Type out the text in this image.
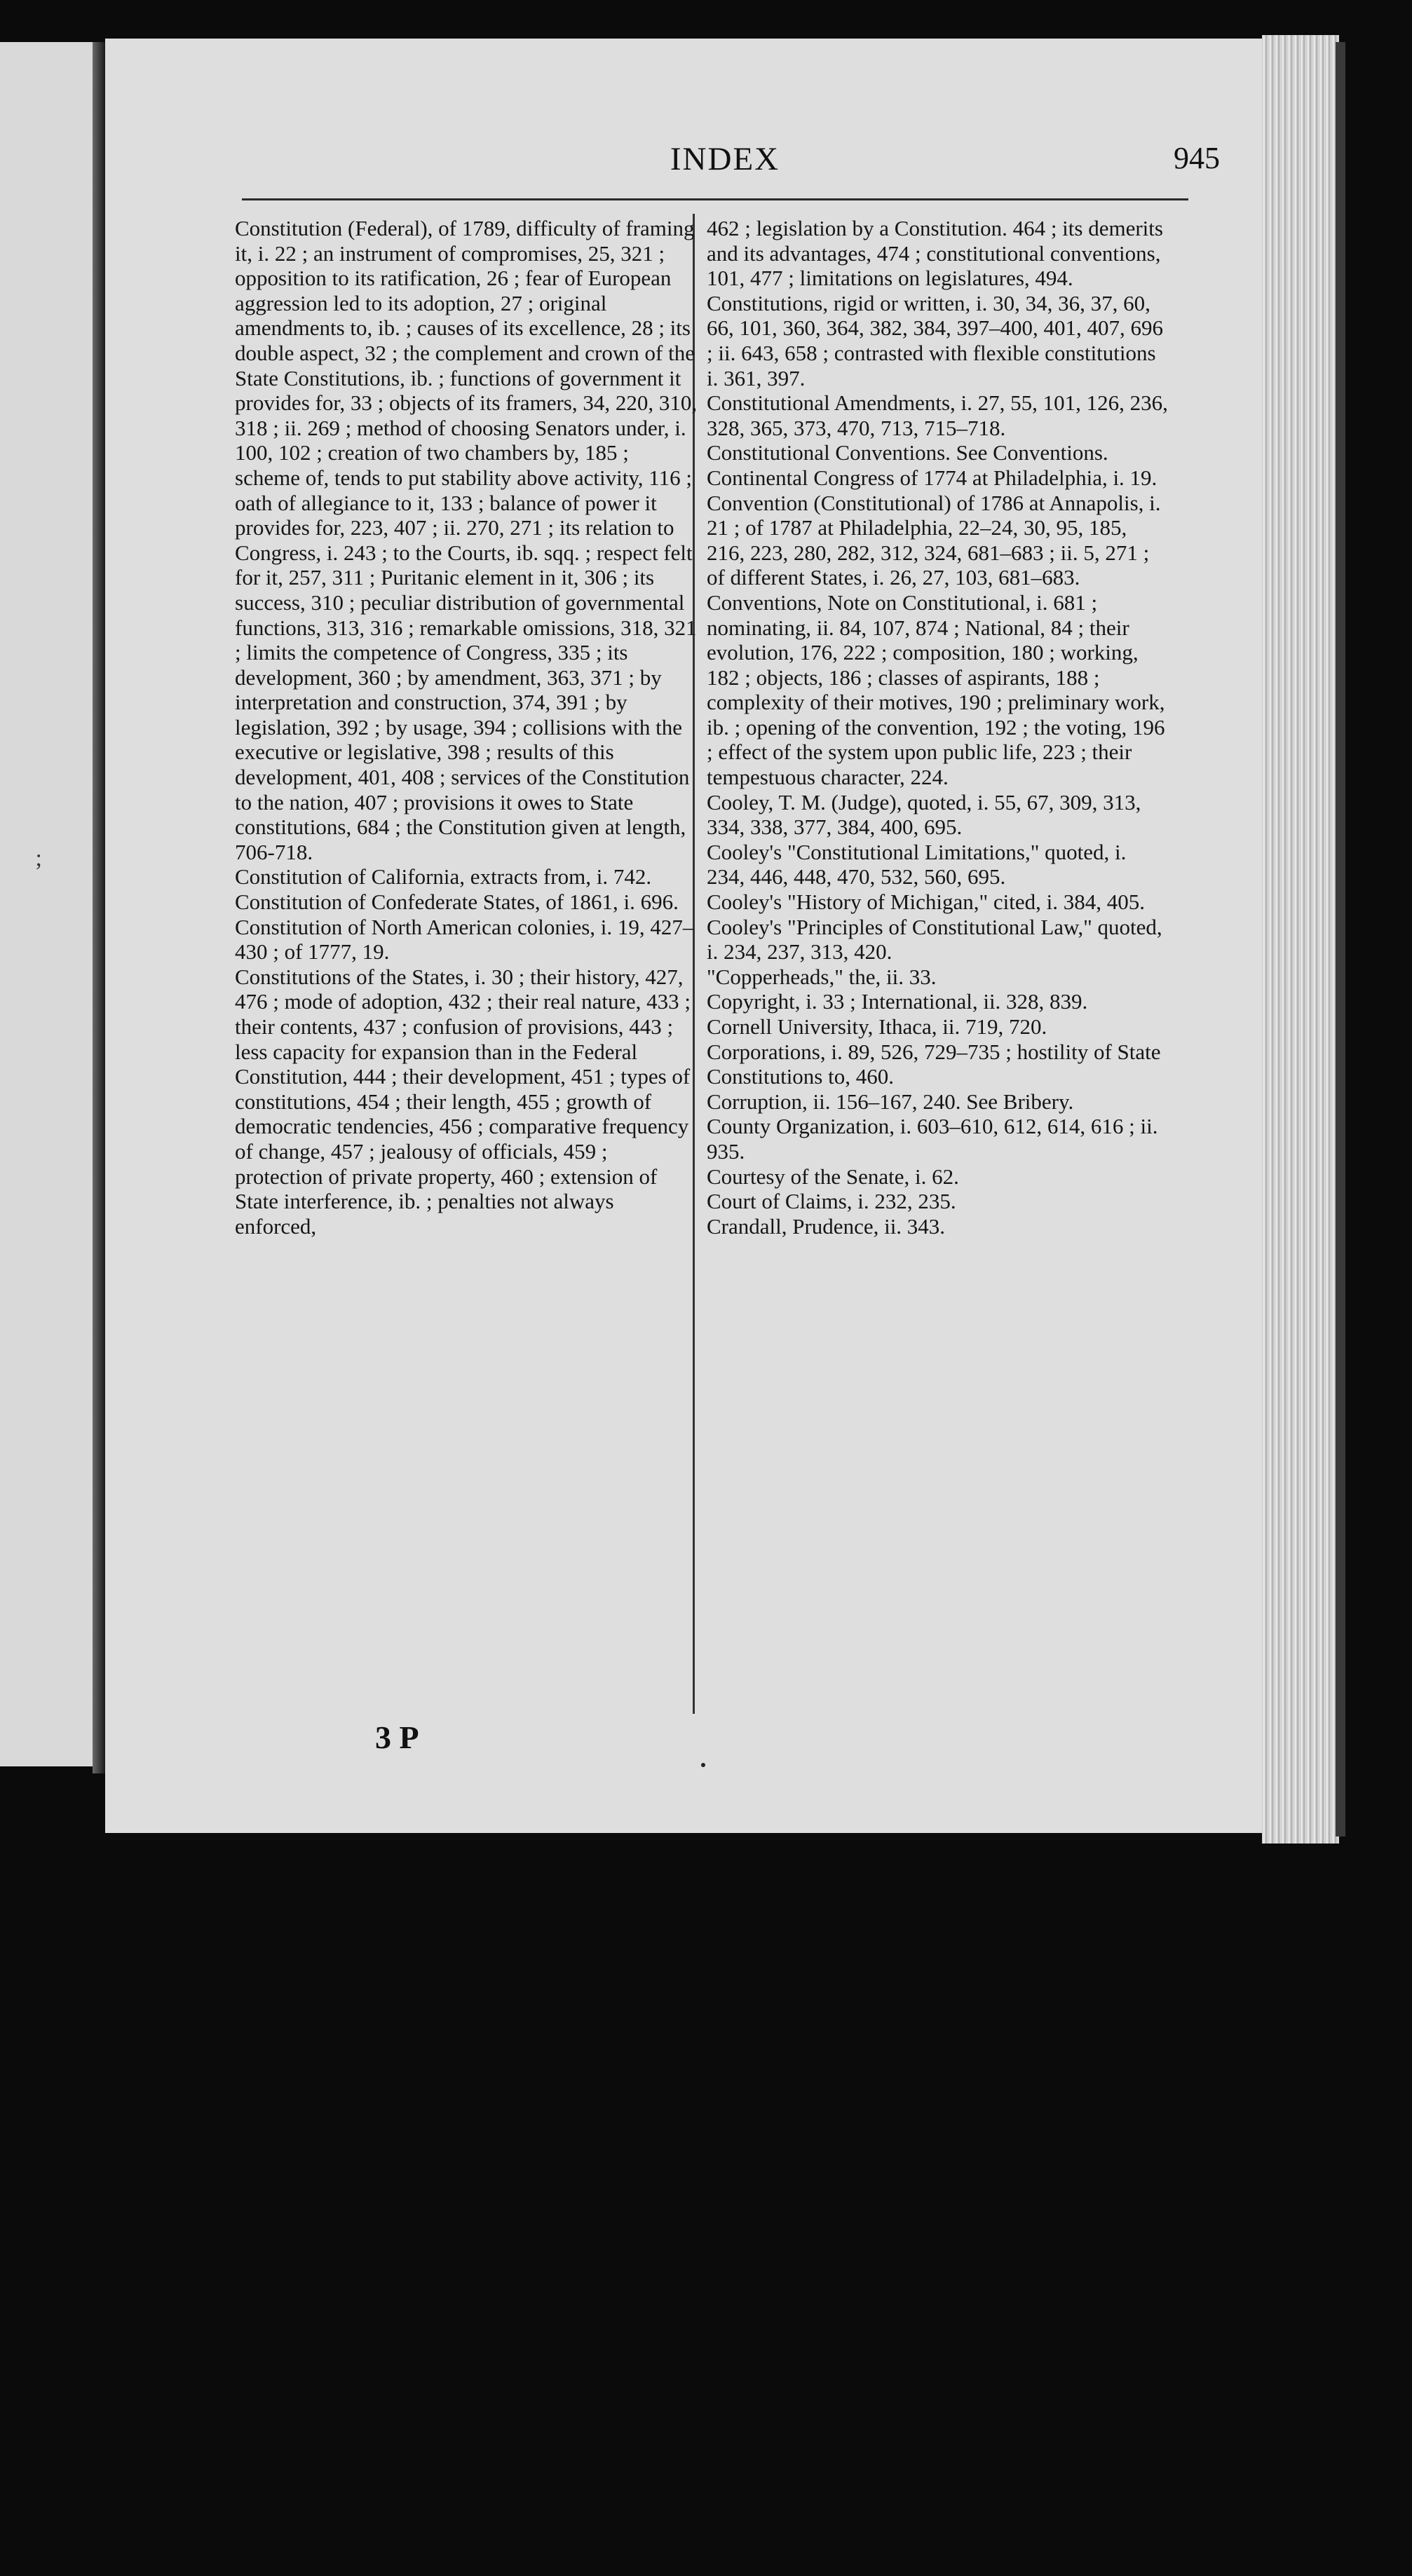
INDEX	945

Constitution (Federal), of 1789, difficulty of framing it, i. 22 ; an instrument of compromises, 25, 321 ; opposition to its ratification, 26 ; fear of European aggression led to its adoption, 27 ; original amendments to, ib. ; causes of its excellence, 28 ; its double aspect, 32 ; the complement and crown of the State Constitutions, ib. ; functions of government it provides for, 33 ; objects of its framers, 34, 220, 310, 318 ; ii. 269 ; method of choosing Senators under, i. 100, 102 ; creation of two chambers by, 185 ; scheme of, tends to put stability above activity, 116 ; oath of allegiance to it, 133 ; balance of power it provides for, 223, 407 ; ii. 270, 271 ; its relation to Congress, i. 243 ; to the Courts, ib. sqq. ; respect felt for it, 257, 311 ; Puritanic element in it, 306 ; its success, 310 ; peculiar distribution of governmental functions, 313, 316 ; remarkable omissions, 318, 321 ; limits the competence of Congress, 335 ; its development, 360 ; by amendment, 363, 371 ; by interpretation and construction, 374, 391 ; by legislation, 392 ; by usage, 394 ; collisions with the executive or legislative, 398 ; results of this development, 401, 408 ; services of the Constitution to the nation, 407 ; provisions it owes to State constitutions, 684 ; the Constitution given at length, 706-718.

Constitution of California, extracts from, i. 742.

Constitution of Confederate States, of 1861, i. 696.

Constitution of North American colonies, i. 19, 427–430 ; of 1777, 19.

Constitutions of the States, i. 30 ; their history, 427, 476 ; mode of adoption, 432 ; their real nature, 433 ; their contents, 437 ; confusion of provisions, 443 ; less capacity for expansion than in the Federal Constitution, 444 ; their development, 451 ; types of constitutions, 454 ; their length, 455 ; growth of democratic tendencies, 456 ; comparative frequency of change, 457 ; jealousy of officials, 459 ; protection of private property, 460 ; extension of State interference, ib. ; penalties not always enforced,

462 ; legislation by a Constitution. 464 ; its demerits and its advantages, 474 ; constitutional conventions, 101, 477 ; limitations on legislatures, 494.

Constitutions, rigid or written, i. 30, 34, 36, 37, 60, 66, 101, 360, 364, 382, 384, 397–400, 401, 407, 696 ; ii. 643, 658 ; contrasted with flexible constitutions i. 361, 397.

Constitutional Amendments, i. 27, 55, 101, 126, 236, 328, 365, 373, 470, 713, 715–718.

Constitutional Conventions. See Conventions.

Continental Congress of 1774 at Philadelphia, i. 19.

Convention (Constitutional) of 1786 at Annapolis, i. 21 ; of 1787 at Philadelphia, 22–24, 30, 95, 185, 216, 223, 280, 282, 312, 324, 681–683 ; ii. 5, 271 ; of different States, i. 26, 27, 103, 681–683.

Conventions, Note on Constitutional, i. 681 ; nominating, ii. 84, 107, 874 ; National, 84 ; their evolution, 176, 222 ; composition, 180 ; working, 182 ; objects, 186 ; classes of aspirants, 188 ; complexity of their motives, 190 ; preliminary work, ib. ; opening of the convention, 192 ; the voting, 196 ; effect of the system upon public life, 223 ; their tempestuous character, 224.

Cooley, T. M. (Judge), quoted, i. 55, 67, 309, 313, 334, 338, 377, 384, 400, 695.

Cooley's "Constitutional Limitations," quoted, i. 234, 446, 448, 470, 532, 560, 695.

Cooley's "History of Michigan," cited, i. 384, 405.

Cooley's "Principles of Constitutional Law," quoted, i. 234, 237, 313, 420.

"Copperheads," the, ii. 33.

Copyright, i. 33 ; International, ii. 328, 839.

Cornell University, Ithaca, ii. 719, 720.

Corporations, i. 89, 526, 729–735 ; hostility of State Constitutions to, 460.

Corruption, ii. 156–167, 240. See Bribery.

County Organization, i. 603–610, 612, 614, 616 ; ii. 935.

Courtesy of the Senate, i. 62.

Court of Claims, i. 232, 235.

Crandall, Prudence, ii. 343.

;

3 P
